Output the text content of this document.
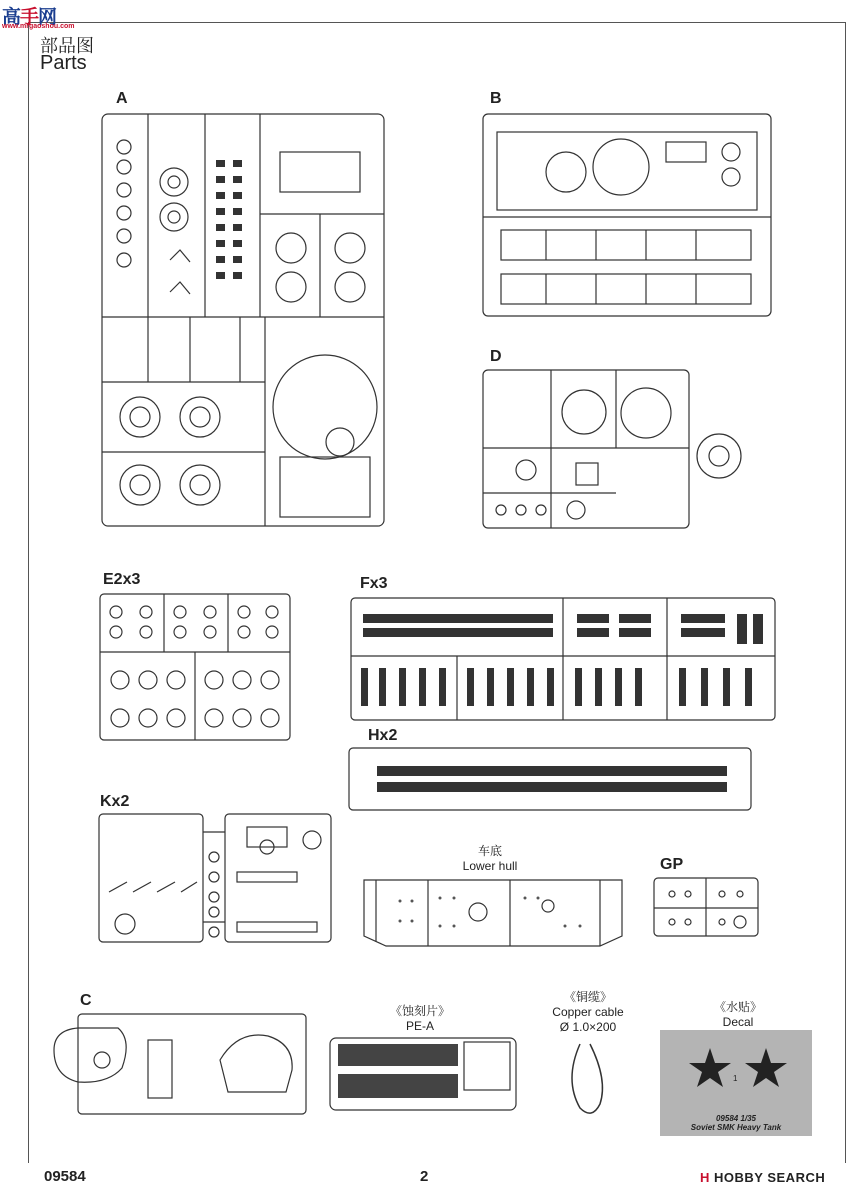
高手网
www.mrgaoshou.com
部品图
Parts
A	B
D
E2x3	Fx3
Hx2
Kx2
车底
Lower hull	GP
C
《蚀刻片》
PE-A
《铜缆》
Copper cable
Ø 1.0×200
《水贴》
Decal
1
09584 1/35
Soviet SMK Heavy Tank
09584	2	H HOBBY SEARCH
